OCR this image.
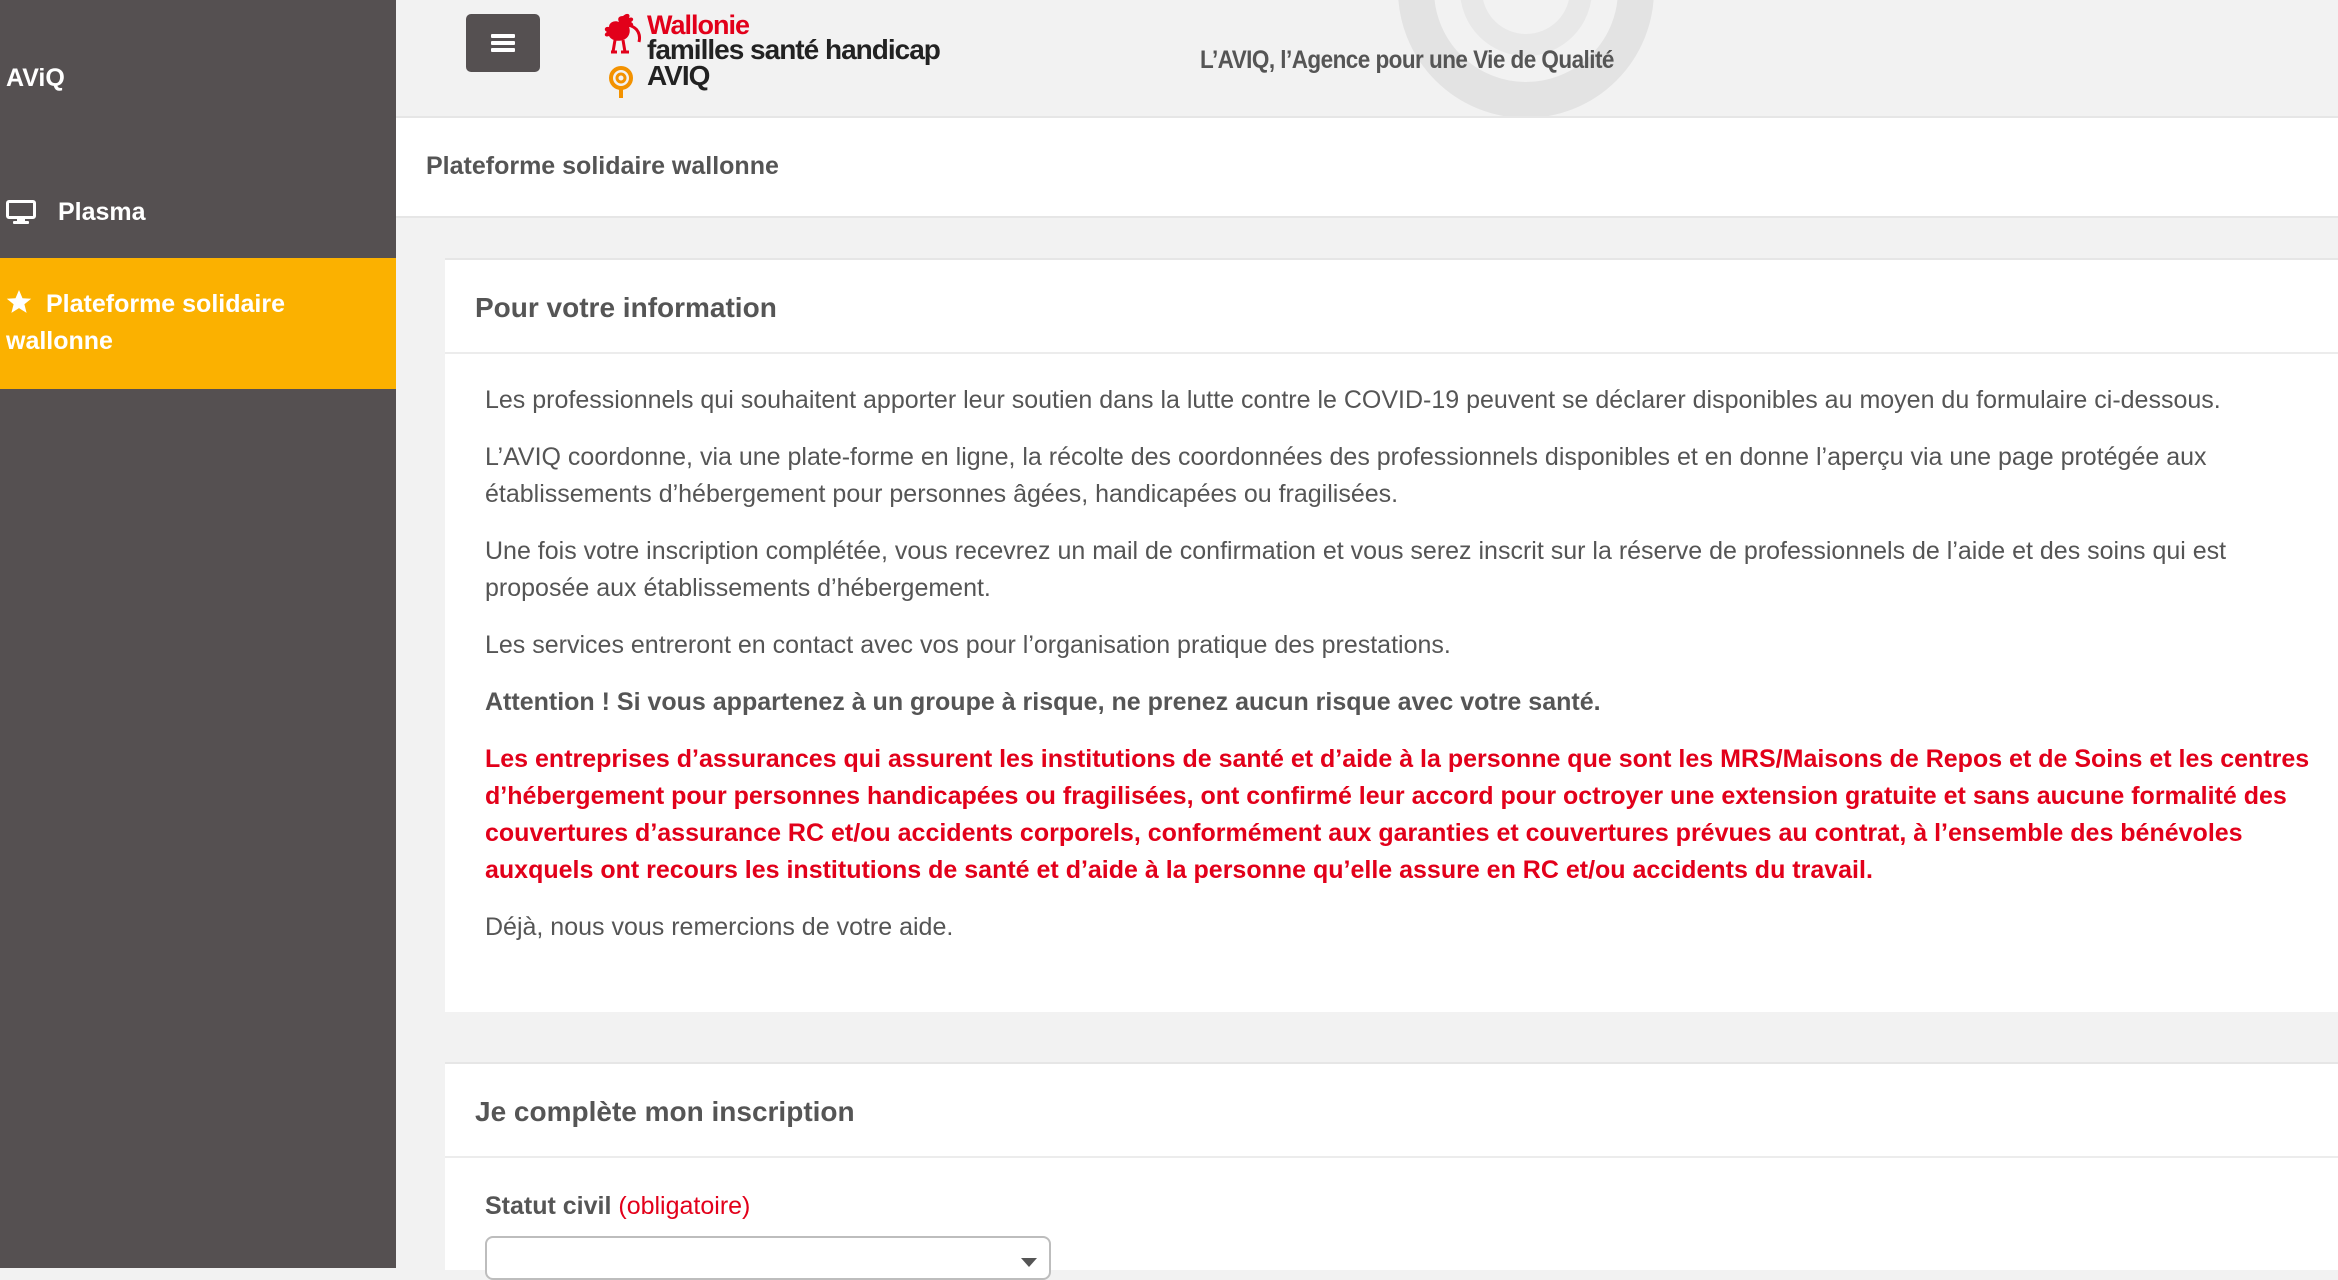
AViQ
Plasma
Plateforme solidaire wallonne
Wallonie
familles santé handicap
AVIQ	L’AVIQ, l’Agence pour une Vie de Qualité
Plateforme solidaire wallonne
Pour votre information

Les professionnels qui souhaitent apporter leur soutien dans la lutte contre le COVID-19 peuvent se déclarer disponibles au moyen du formulaire ci-dessous.

L’AVIQ coordonne, via une plate-forme en ligne, la récolte des coordonnées des professionnels disponibles et en donne l’aperçu via une page protégée aux établissements d’hébergement pour personnes âgées, handicapées ou fragilisées.

Une fois votre inscription complétée, vous recevrez un mail de confirmation et vous serez inscrit sur la réserve de professionnels de l’aide et des soins qui est proposée aux établissements d’hébergement.

Les services entreront en contact avec vos pour l’organisation pratique des prestations.

Attention ! Si vous appartenez à un groupe à risque, ne prenez aucun risque avec votre santé.

Les entreprises d’assurances qui assurent les institutions de santé et d’aide à la personne que sont les MRS/Maisons de Repos et de Soins et les centres d’hébergement pour personnes handicapées ou fragilisées, ont confirmé leur accord pour octroyer une extension gratuite et sans aucune formalité des couvertures d’assurance RC et/ou accidents corporels, conformément aux garanties et couvertures prévues au contrat, à l’ensemble des bénévoles auxquels ont recours les institutions de santé et d’aide à la personne qu’elle assure en RC et/ou accidents du travail.

Déjà, nous vous remercions de votre aide.

Je complète mon inscription
Statut civil (obligatoire)
